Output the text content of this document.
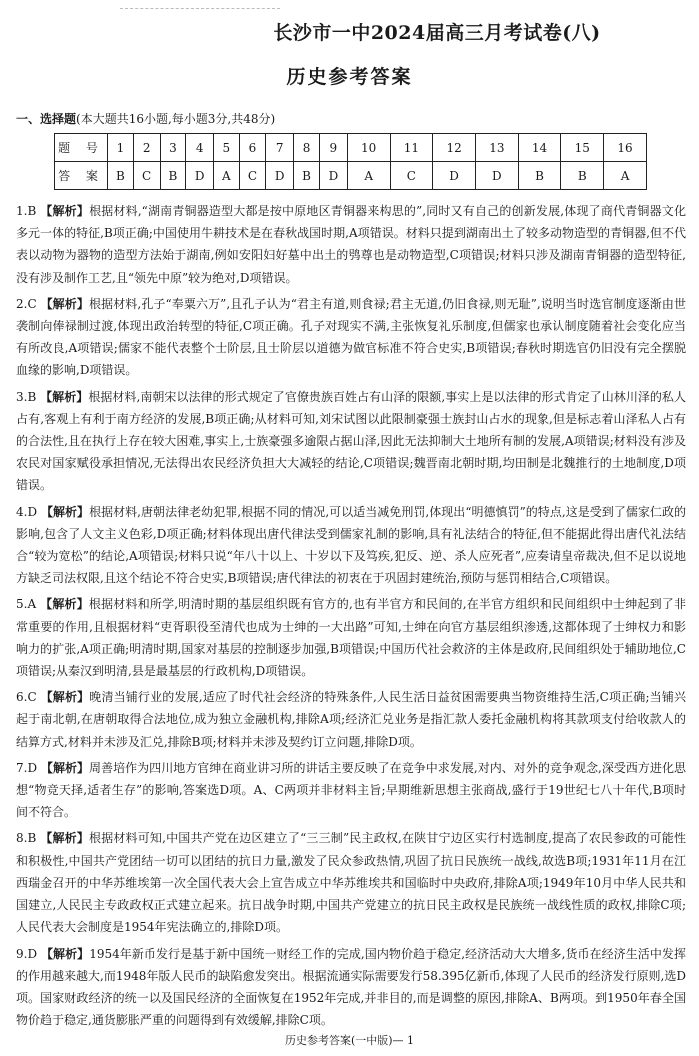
长沙市一中2024届高三月考试卷(八)
历史参考答案
一、选择题(本大题共16小题,每小题3分,共48分)
题 号	1	2	3	4	5	6	7	8	9	10	11	12	13	14	15	16
答 案	B	C	B	D	A	C	D	B	D	A	C	D	D	B	B	A

1.B 【解析】根据材料,“湖南青铜器造型大都是按中原地区青铜器来构思的”,同时又有自己的创新发展,体现了商代青铜器文化多元一体的特征,B项正确;中国使用牛耕技术是在春秋战国时期,A项错误。材料只提到湖南出土了较多动物造型的青铜器,但不代表以动物为器物的造型方法始于湖南,例如安阳妇好墓中出土的鸮尊也是动物造型,C项错误;材料只涉及湖南青铜器的造型特征,没有涉及制作工艺,且“领先中原”较为绝对,D项错误。

2.C 【解析】根据材料,孔子“奉粟六万”,且孔子认为“君主有道,则食禄;君主无道,仍旧食禄,则无耻”,说明当时选官制度逐渐由世袭制向俸禄制过渡,体现出政治转型的特征,C项正确。孔子对现实不满,主张恢复礼乐制度,但儒家也承认制度随着社会变化应当有所改良,A项错误;儒家不能代表整个士阶层,且士阶层以道德为做官标准不符合史实,B项错误;春秋时期选官仍旧没有完全摆脱血缘的影响,D项错误。

3.B 【解析】根据材料,南朝宋以法律的形式规定了官僚贵族百姓占有山泽的限额,事实上是以法律的形式肯定了山林川泽的私人占有,客观上有利于南方经济的发展,B项正确;从材料可知,刘宋试图以此限制豪强士族封山占水的现象,但是标志着山泽私人占有的合法性,且在执行上存在较大困难,事实上,士族豪强多逾限占据山泽,因此无法抑制大土地所有制的发展,A项错误;材料没有涉及农民对国家赋役承担情况,无法得出农民经济负担大大减轻的结论,C项错误;魏晋南北朝时期,均田制是北魏推行的土地制度,D项错误。

4.D 【解析】根据材料,唐朝法律老幼犯罪,根据不同的情况,可以适当减免刑罚,体现出“明德慎罚”的特点,这是受到了儒家仁政的影响,包含了人文主义色彩,D项正确;材料体现出唐代律法受到儒家礼制的影响,具有礼法结合的特征,但不能据此得出唐代礼法结合“较为宽松”的结论,A项错误;材料只说“年八十以上、十岁以下及笃疾,犯反、逆、杀人应死者”,应奏请皇帝裁决,但不足以说地方缺乏司法权限,且这个结论不符合史实,B项错误;唐代律法的初衷在于巩固封建统治,预防与惩罚相结合,C项错误。

5.A 【解析】根据材料和所学,明清时期的基层组织既有官方的,也有半官方和民间的,在半官方组织和民间组织中士绅起到了非常重要的作用,且根据材料“吏胥职役至清代也成为士绅的一大出路”可知,士绅在向官方基层组织渗透,这都体现了士绅权力和影响力的扩张,A项正确;明清时期,国家对基层的控制逐步加强,B项错误;中国历代社会救济的主体是政府,民间组织处于辅助地位,C项错误;从秦汉到明清,县是最基层的行政机构,D项错误。

6.C 【解析】晚清当铺行业的发展,适应了时代社会经济的特殊条件,人民生活日益贫困需要典当物资维持生活,C项正确;当铺兴起于南北朝,在唐朝取得合法地位,成为独立金融机构,排除A项;经济汇兑业务是指汇款人委托金融机构将其款项支付给收款人的结算方式,材料并未涉及汇兑,排除B项;材料并未涉及契约订立问题,排除D项。

7.D 【解析】周善培作为四川地方官绅在商业讲习所的讲话主要反映了在竞争中求发展,对内、对外的竞争观念,深受西方进化思想“物竞天择,适者生存”的影响,答案选D项。A、C两项并非材料主旨;早期维新思想主张商战,盛行于19世纪七八十年代,B项时间不符合。

8.B 【解析】根据材料可知,中国共产党在边区建立了“三三制”民主政权,在陕甘宁边区实行村选制度,提高了农民参政的可能性和积极性,中国共产党团结一切可以团结的抗日力量,激发了民众参政热情,巩固了抗日民族统一战线,故选B项;1931年11月在江西瑞金召开的中华苏维埃第一次全国代表大会上宣告成立中华苏维埃共和国临时中央政府,排除A项;1949年10月中华人民共和国建立,人民民主专政政权正式建立起来。抗日战争时期,中国共产党建立的抗日民主政权是民族统一战线性质的政权,排除C项;人民代表大会制度是1954年宪法确立的,排除D项。

9.D 【解析】1954年新币发行是基于新中国统一财经工作的完成,国内物价趋于稳定,经济活动大大增多,货币在经济生活中发挥的作用越来越大,而1948年版人民币的缺陷愈发突出。根据流通实际需要发行58.395亿新币,体现了人民币的经济发行原则,选D项。国家财政经济的统一以及国民经济的全面恢复在1952年完成,并非目的,而是调整的原因,排除A、B两项。到1950年春全国物价趋于稳定,通货膨胀严重的问题得到有效缓解,排除C项。

历史参考答案(一中版)— 1
